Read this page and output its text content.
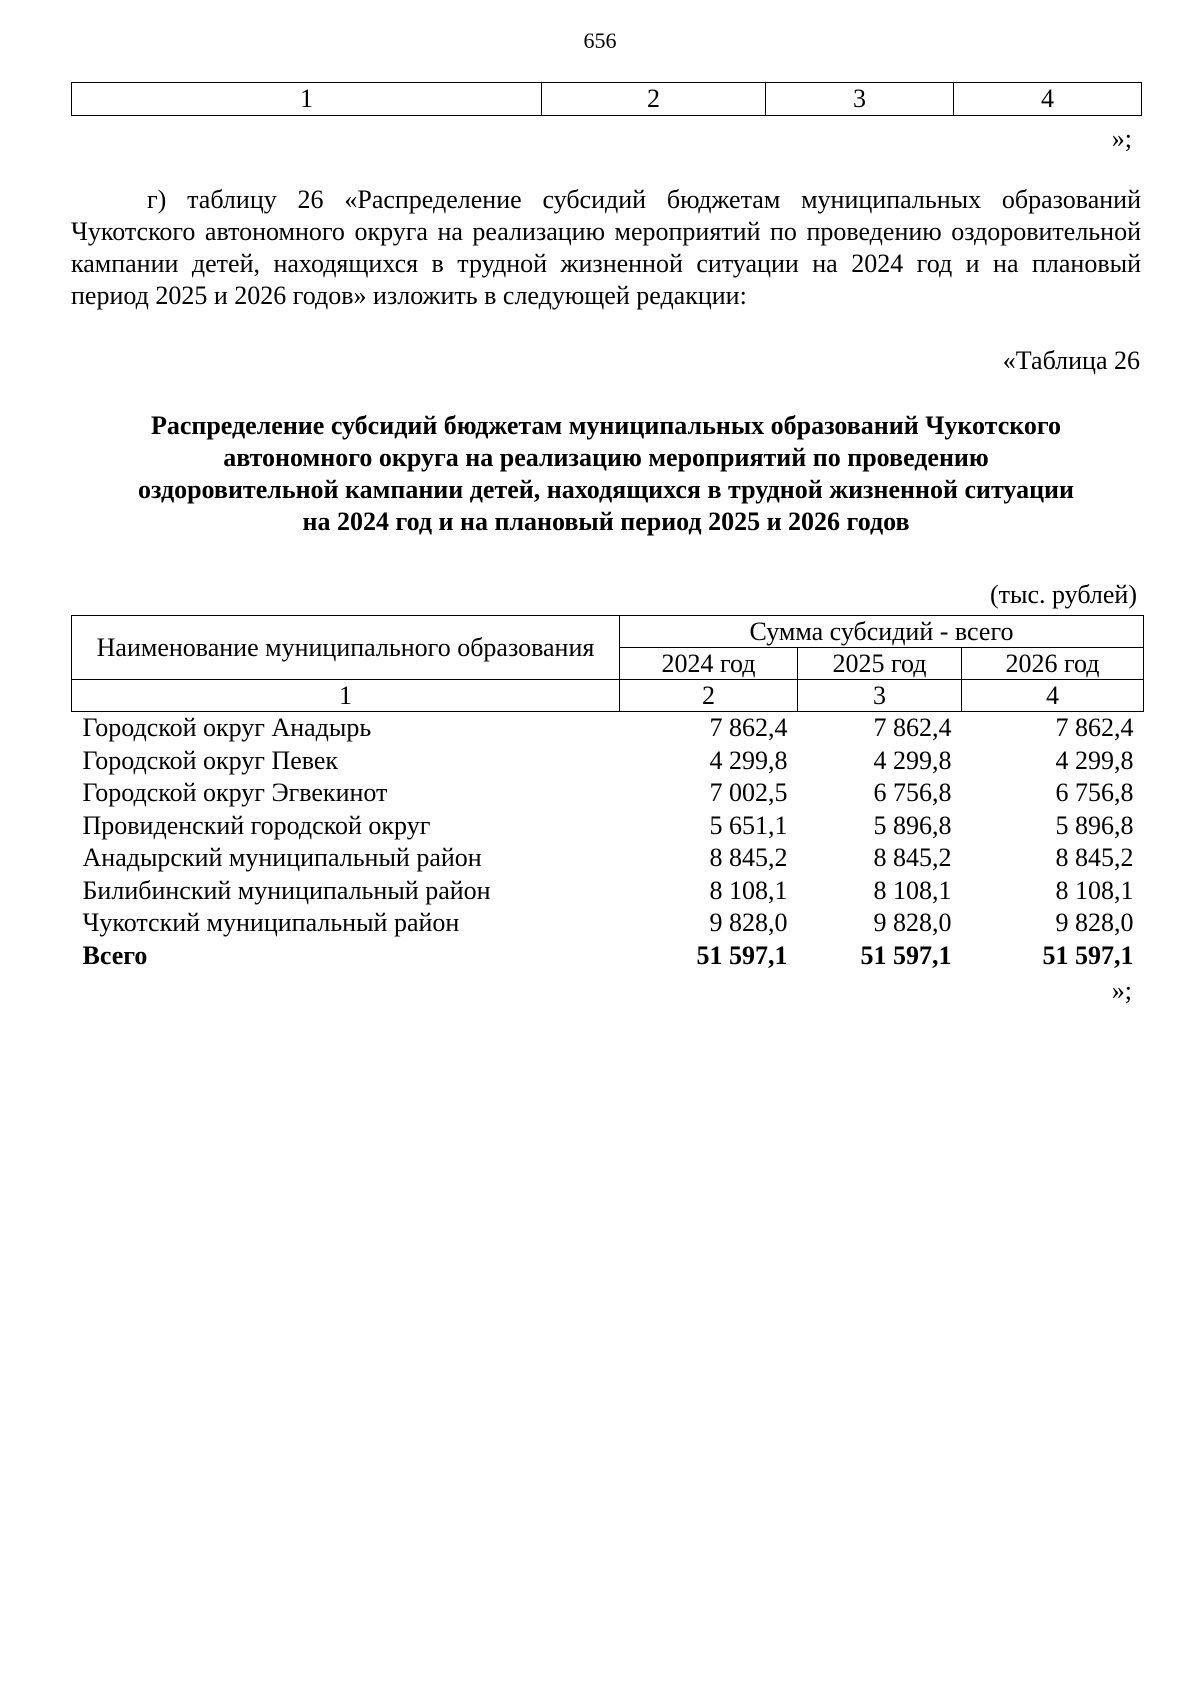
656
1	2	3	4
»;

г) таблицу 26 «Распределение субсидий бюджетам муниципальных образований Чукотского автономного округа на реализацию мероприятий по проведению оздоровительной кампании детей, находящихся в трудной жизненной ситуации на 2024 год и на плановый период 2025 и 2026 годов» изложить в следующей редакции:

«Таблица 26
Распределение субсидий бюджетам муниципальных образований Чукотского
автономного округа на реализацию мероприятий по проведению
оздоровительной кампании детей, находящихся в трудной жизненной ситуации
на 2024 год и на плановый период 2025 и 2026 годов
(тыс. рублей)
Наименование муниципального образования	Сумма субсидий - всего		
	2024 год	2025 год	2026 год
1	2	3	4
Городской округ Анадырь	7 862,4	7 862,4	7 862,4
Городской округ Певек	4 299,8	4 299,8	4 299,8
Городской округ Эгвекинот	7 002,5	6 756,8	6 756,8
Провиденский городской округ	5 651,1	5 896,8	5 896,8
Анадырский муниципальный район	8 845,2	8 845,2	8 845,2
Билибинский муниципальный район	8 108,1	8 108,1	8 108,1
Чукотский муниципальный район	9 828,0	9 828,0	9 828,0
Всего	51 597,1	51 597,1	51 597,1
»;
